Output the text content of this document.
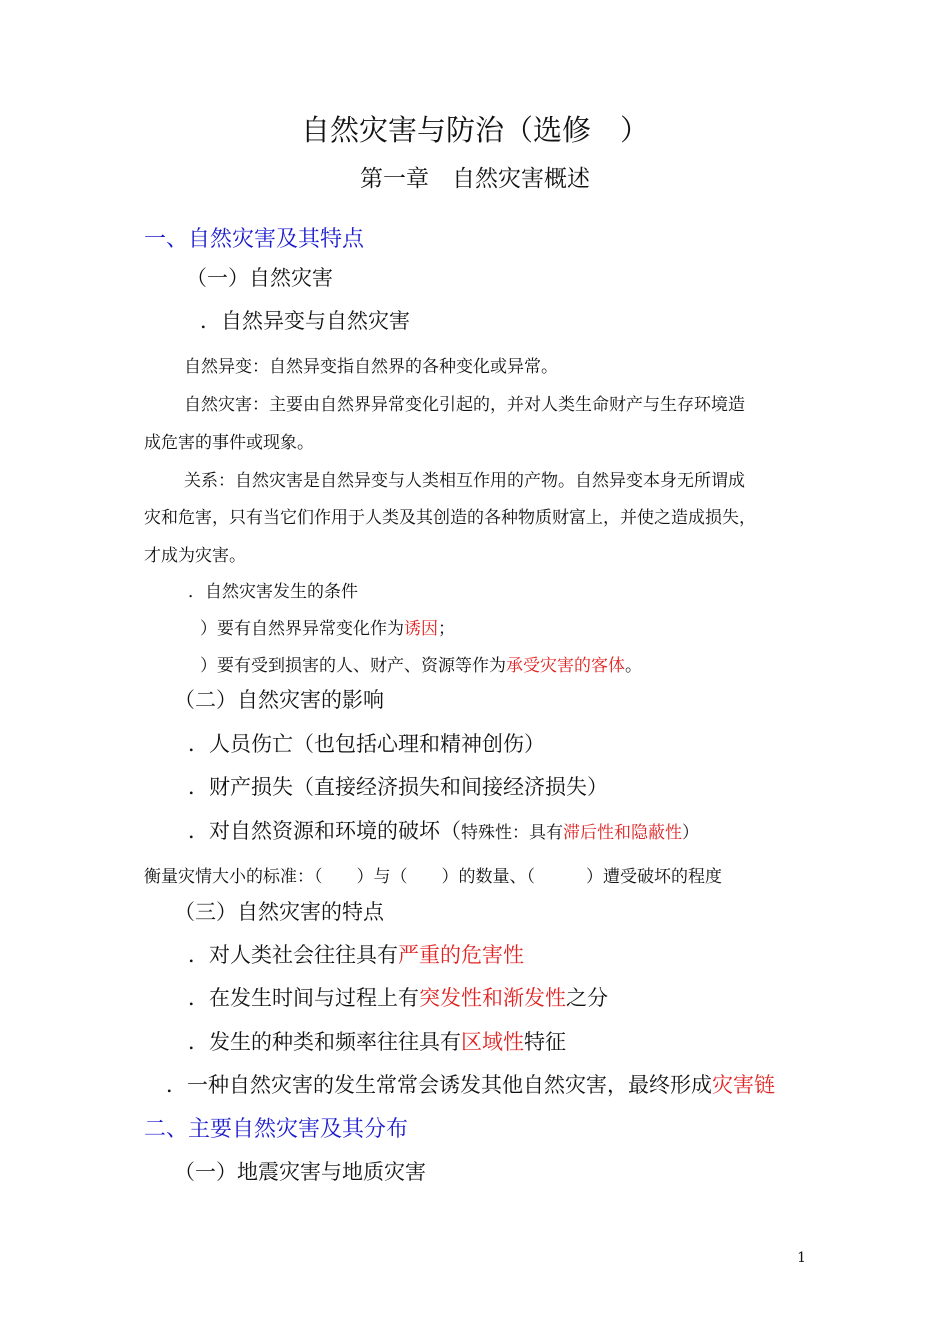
自然灾害与防治（选修　）
第一章　自然灾害概述
一、自然灾害及其特点
（一）自然灾害
．自然异变与自然灾害
自然异变：自然异变指自然界的各种变化或异常。
自然灾害：主要由自然界异常变化引起的，并对人类生命财产与生存环境造
成危害的事件或现象。
关系：自然灾害是自然异变与人类相互作用的产物。自然异变本身无所谓成
灾和危害，只有当它们作用于人类及其创造的各种物质财富上，并使之造成损失，
才成为灾害。
．自然灾害发生的条件
）要有自然界异常变化作为诱因；
）要有受到损害的人、财产、资源等作为承受灾害的客体。
（二）自然灾害的影响
．人员伤亡（也包括心理和精神创伤）
．财产损失（直接经济损失和间接经济损失）
．对自然资源和环境的破坏（特殊性：具有滞后性和隐蔽性）
衡量灾情大小的标准：（　　）与（　　）的数量、（　　　）遭受破坏的程度
（三）自然灾害的特点
．对人类社会往往具有严重的危害性
．在发生时间与过程上有突发性和渐发性之分
．发生的种类和频率往往具有区域性特征
．一种自然灾害的发生常常会诱发其他自然灾害，最终形成灾害链
二、主要自然灾害及其分布
（一）地震灾害与地质灾害
1
